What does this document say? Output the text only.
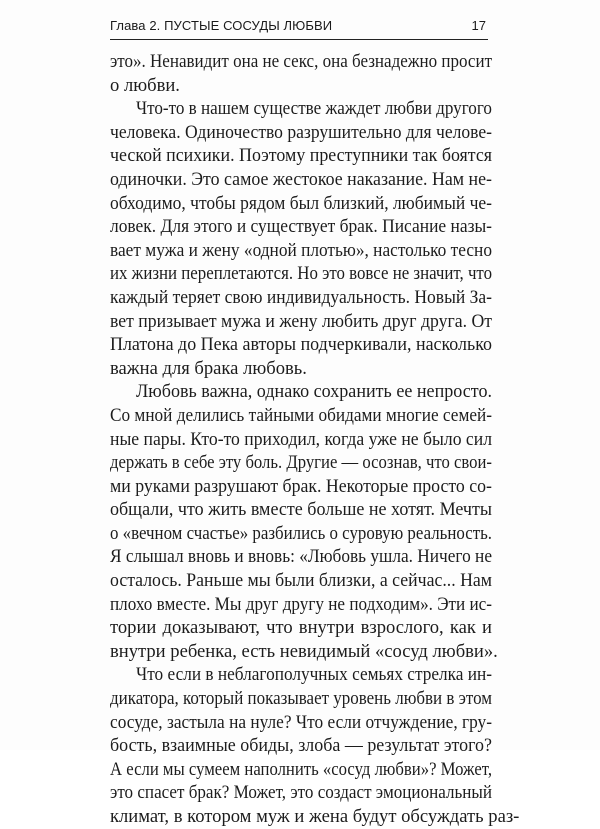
Глава 2. ПУСТЫЕ СОСУДЫ ЛЮБВИ	17
это». Ненавидит она не секс, она безнадежно просит
о любви.
Что-то в нашем существе жаждет любви другого
человека. Одиночество разрушительно для челове-
ческой психики. Поэтому преступники так боятся
одиночки. Это самое жестокое наказание. Нам не-
обходимо, чтобы рядом был близкий, любимый че-
ловек. Для этого и существует брак. Писание назы-
вает мужа и жену «одной плотью», настолько тесно
их жизни переплетаются. Но это вовсе не значит, что
каждый теряет свою индивидуальность. Новый За-
вет призывает мужа и жену любить друг друга. От
Платона до Пека авторы подчеркивали, насколько
важна для брака любовь.
Любовь важна, однако сохранить ее непросто.
Со мной делились тайными обидами многие семей-
ные пары. Кто-то приходил, когда уже не было сил
держать в себе эту боль. Другие — осознав, что свои-
ми руками разрушают брак. Некоторые просто со-
общали, что жить вместе больше не хотят. Мечты
о «вечном счастье» разбились о суровую реальность.
Я слышал вновь и вновь: «Любовь ушла. Ничего не
осталось. Раньше мы были близки, а сейчас... Нам
плохо вместе. Мы друг другу не подходим». Эти ис-
тории доказывают, что внутри взрослого, как и
внутри ребенка, есть невидимый «сосуд любви».
Что если в неблагополучных семьях стрелка ин-
дикатора, который показывает уровень любви в этом
сосуде, застыла на нуле? Что если отчуждение, гру-
бость, взаимные обиды, злоба — результат этого?
А если мы сумеем наполнить «сосуд любви»? Может,
это спасет брак? Может, это создаст эмоциональный
климат, в котором муж и жена будут обсуждать раз-
